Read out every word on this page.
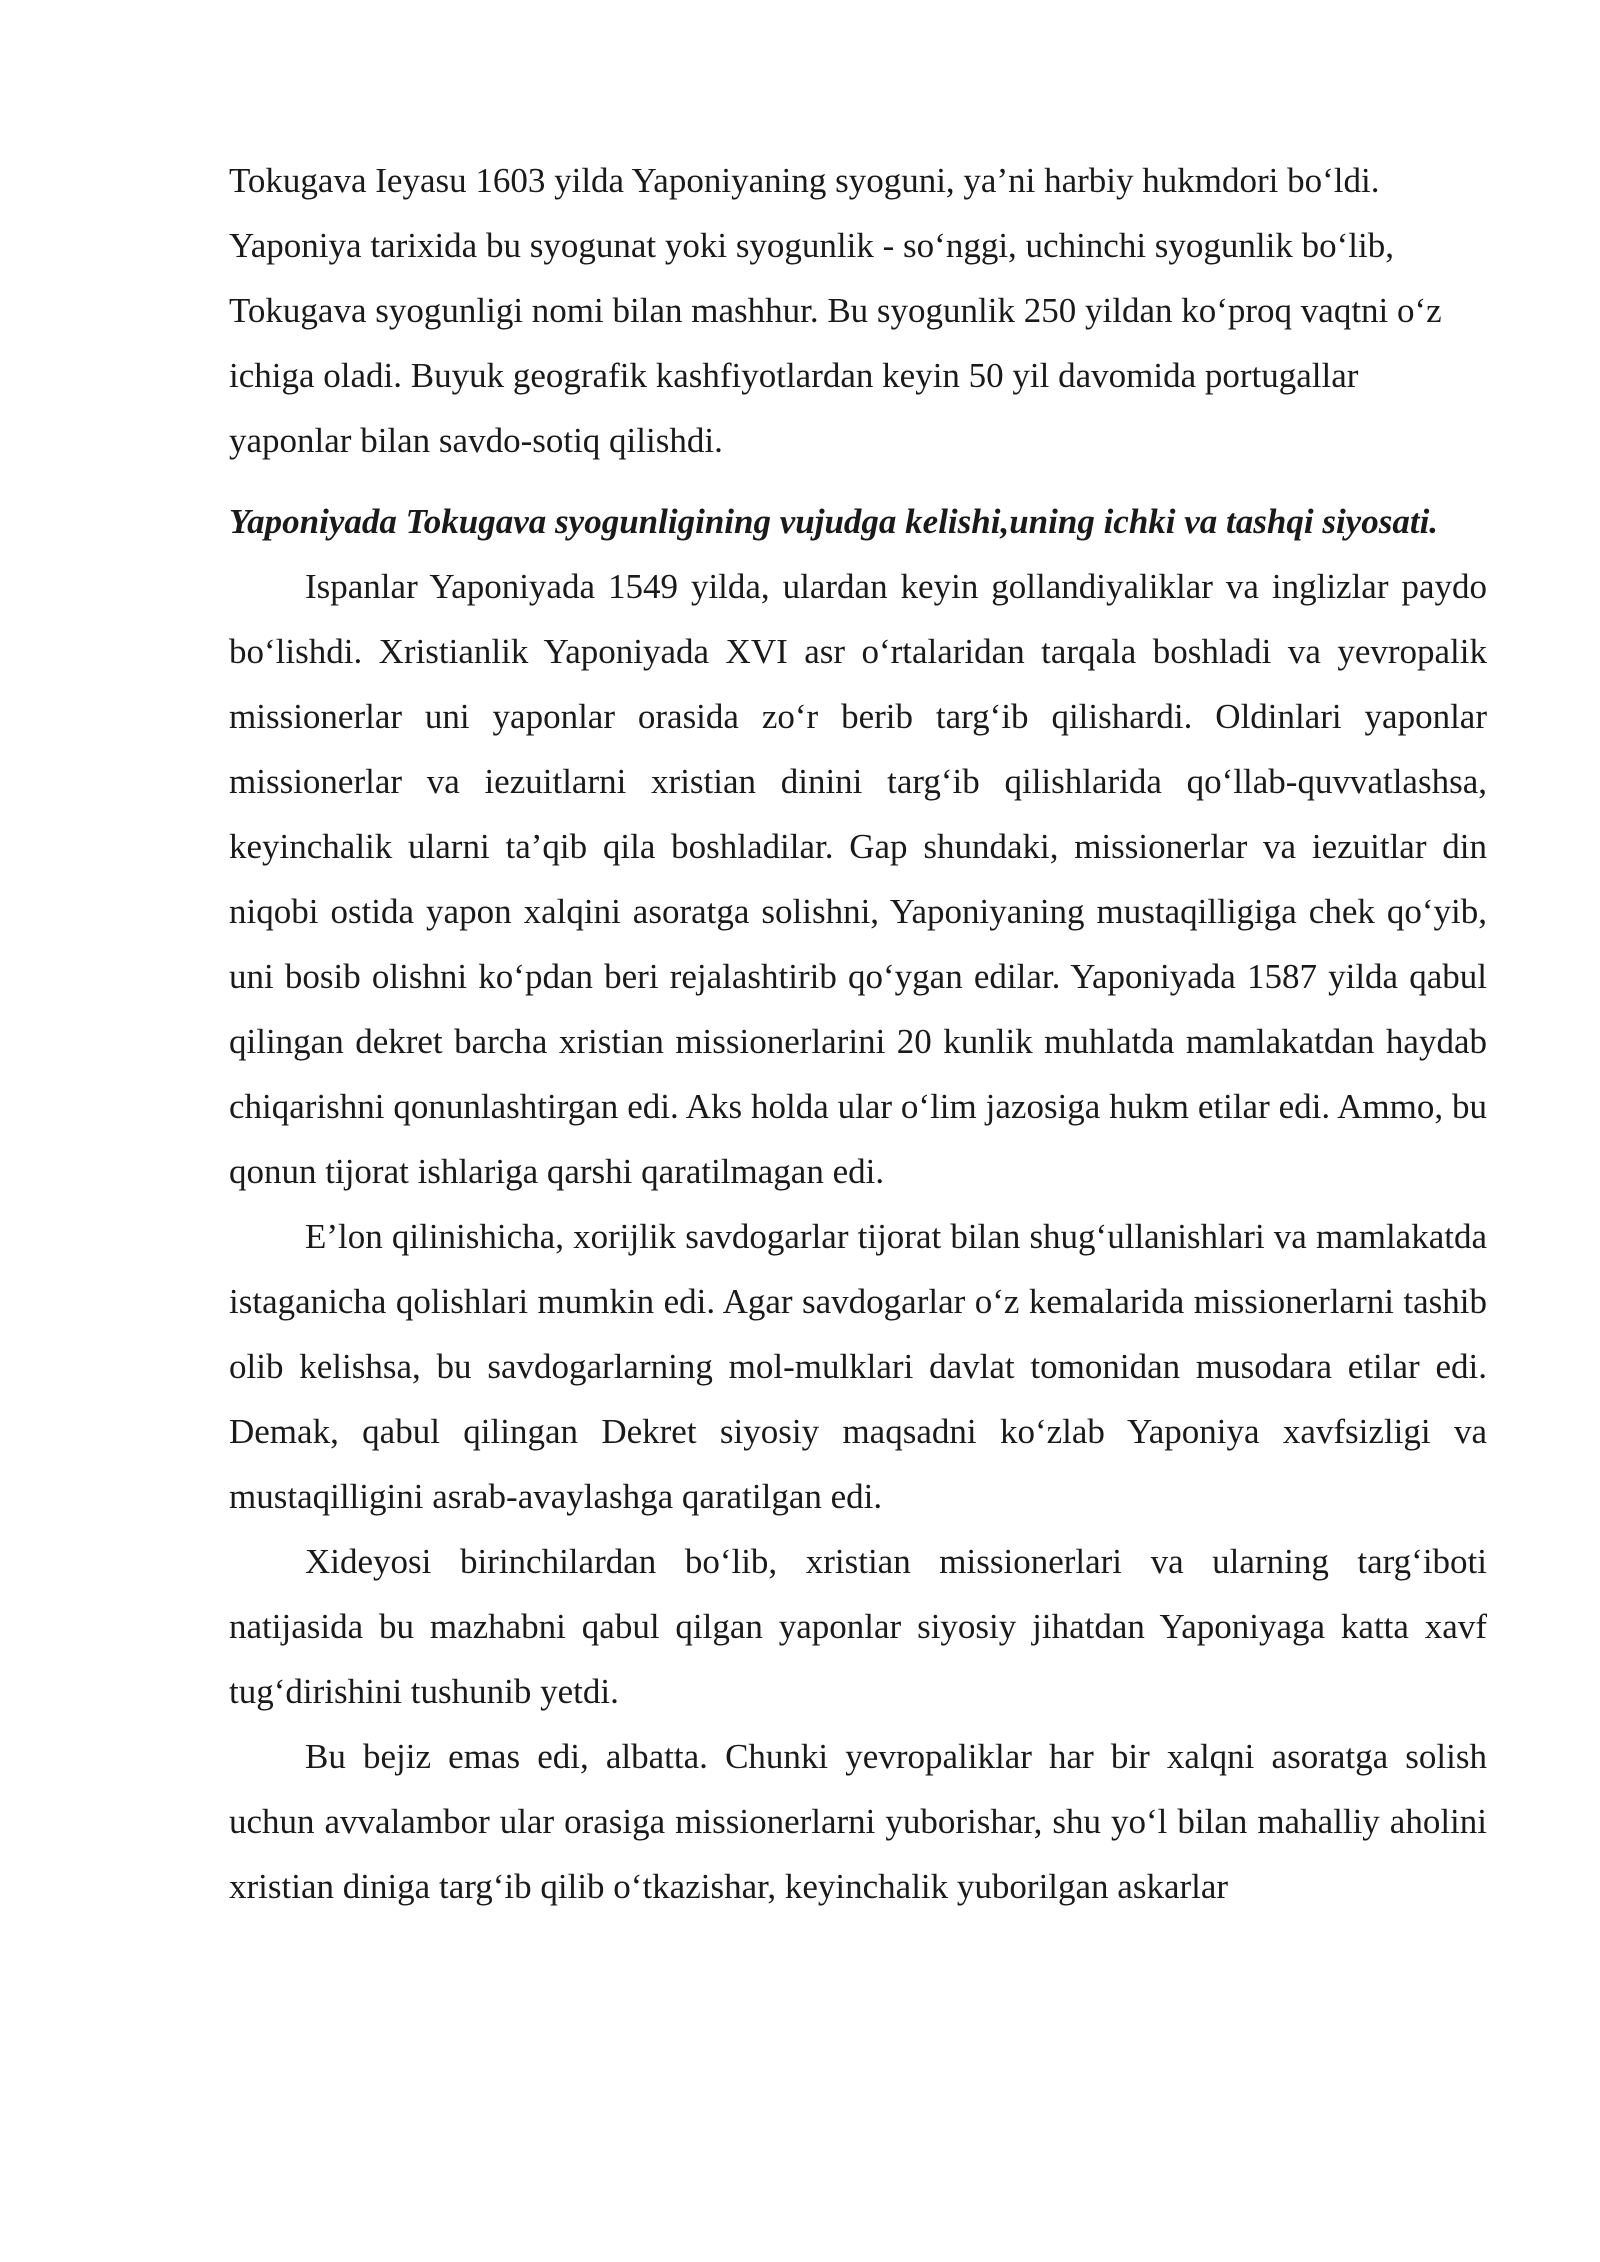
Tokugava Ieyasu 1603 yilda Yaponiyaning syoguni, ya’ni harbiy hukmdori bo‘ldi. Yaponiya tarixida bu syogunat yoki syogunlik - so‘nggi, uchinchi syogunlik bo‘lib, Tokugava syogunligi nomi bilan mashhur. Bu syogunlik 250 yildan ko‘proq vaqtni o‘z ichiga oladi. Buyuk geografik kashfiyotlardan keyin 50 yil davomida portugallar yaponlar bilan savdo-sotiq qilishdi.

Yaponiyada Tokugava syogunligining vujudga kelishi,uning ichki va tashqi siyosati.

Ispanlar Yaponiyada 1549 yilda, ulardan keyin gollandiyaliklar va inglizlar paydo bo‘lishdi. Xristianlik Yaponiyada XVI asr o‘rtalaridan tarqala boshladi va yevropalik missionerlar uni yaponlar orasida zo‘r berib targ‘ib qilishardi. Oldinlari yaponlar missionerlar va iezuitlarni xristian dinini targ‘ib qilishlarida qo‘llab-quvvatlashsa, keyinchalik ularni ta’qib qila boshladilar. Gap shundaki, missionerlar va iezuitlar din niqobi ostida yapon xalqini asoratga solishni, Yaponiyaning mustaqilligiga chek qo‘yib, uni bosib olishni ko‘pdan beri rejalashtirib qo‘ygan edilar. Yaponiyada 1587 yilda qabul qilingan dekret barcha xristian missionerlarini 20 kunlik muhlatda mamlakatdan haydab chiqarishni qonunlashtirgan edi. Aks holda ular o‘lim jazosiga hukm etilar edi. Ammo, bu qonun tijorat ishlariga qarshi qaratilmagan edi.

E’lon qilinishicha, xorijlik savdogarlar tijorat bilan shug‘ullanishlari va mamlakatda istaganicha qolishlari mumkin edi. Agar savdogarlar o‘z kemalarida missionerlarni tashib olib kelishsa, bu savdogarlarning mol-mulklari davlat tomonidan musodara etilar edi. Demak, qabul qilingan Dekret siyosiy maqsadni ko‘zlab Yaponiya xavfsizligi va mustaqilligini asrab-avaylashga qaratilgan edi.

Xideyosi birinchilardan bo‘lib, xristian missionerlari va ularning targ‘iboti natijasida bu mazhabni qabul qilgan yaponlar siyosiy jihatdan Yaponiyaga katta xavf tug‘dirishini tushunib yetdi.

Bu bejiz emas edi, albatta. Chunki yevropaliklar har bir xalqni asoratga solish uchun avvalambor ular orasiga missionerlarni yuborishar, shu yo‘l bilan mahalliy aholini xristian diniga targ‘ib qilib o‘tkazishar, keyinchalik yuborilgan askarlar
